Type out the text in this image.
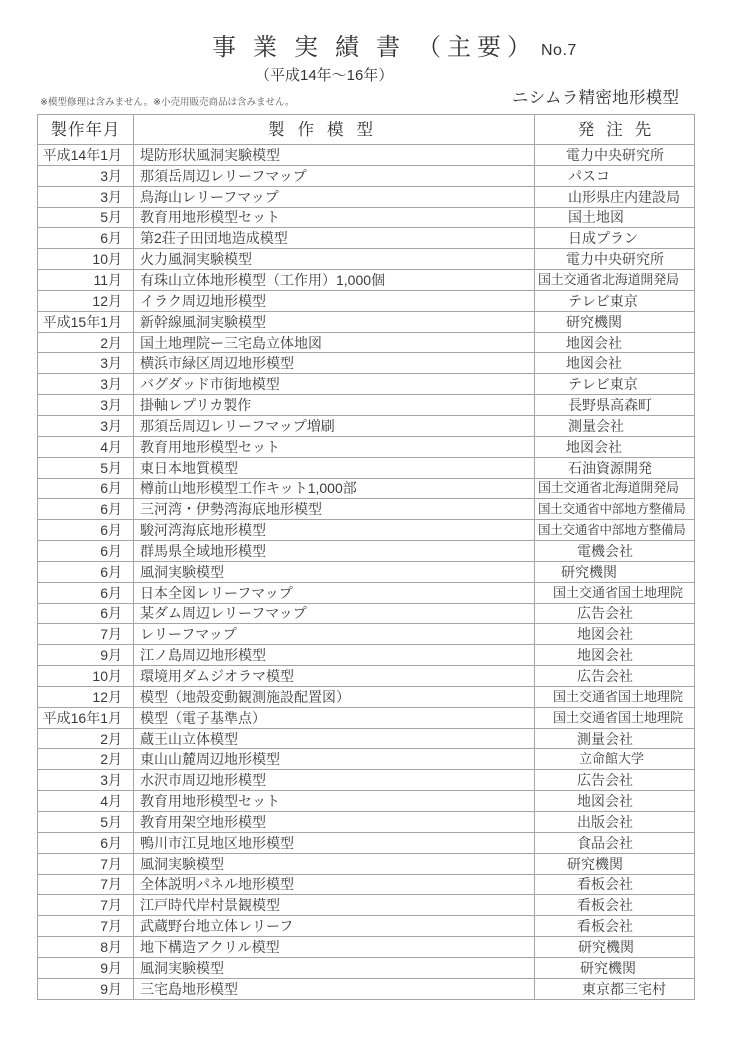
事業実績書（主要） No.7
（平成14年～16年）
※模型修理は含みません。※小売用販売商品は含みません。	ニシムラ精密地形模型
製作年月	製作模型	発注先
平成14年1月	堤防形状風洞実験模型	電力中央研究所
3月	那須岳周辺レリーフマップ	パスコ
3月	鳥海山レリーフマップ	山形県庄内建設局
5月	教育用地形模型セット	国土地図
6月	第2荘子田団地造成模型	日成プラン
10月	火力風洞実験模型	電力中央研究所
11月	有珠山立体地形模型（工作用）1,000個	国土交通省北海道開発局
12月	イラク周辺地形模型	テレビ東京
平成15年1月	新幹線風洞実験模型	研究機関
2月	国土地理院ー三宅島立体地図	地図会社
3月	横浜市緑区周辺地形模型	地図会社
3月	バグダッド市街地模型	テレビ東京
3月	掛軸レプリカ製作	長野県高森町
3月	那須岳周辺レリーフマップ増刷	測量会社
4月	教育用地形模型セット	地図会社
5月	東日本地質模型	石油資源開発
6月	樽前山地形模型工作キット1,000部	国土交通省北海道開発局
6月	三河湾・伊勢湾海底地形模型	国土交通省中部地方整備局
6月	駿河湾海底地形模型	国土交通省中部地方整備局
6月	群馬県全域地形模型	電機会社
6月	風洞実験模型	研究機関
6月	日本全図レリーフマップ	国土交通省国土地理院
6月	某ダム周辺レリーフマップ	広告会社
7月	レリーフマップ	地図会社
9月	江ノ島周辺地形模型	地図会社
10月	環境用ダムジオラマ模型	広告会社
12月	模型（地殻変動観測施設配置図）	国土交通省国土地理院
平成16年1月	模型（電子基準点）	国土交通省国土地理院
2月	蔵王山立体模型	測量会社
2月	東山山麓周辺地形模型	立命館大学
3月	水沢市周辺地形模型	広告会社
4月	教育用地形模型セット	地図会社
5月	教育用架空地形模型	出版会社
6月	鴨川市江見地区地形模型	食品会社
7月	風洞実験模型	研究機関
7月	全体説明パネル地形模型	看板会社
7月	江戸時代岸村景観模型	看板会社
7月	武蔵野台地立体レリーフ	看板会社
8月	地下構造アクリル模型	研究機関
9月	風洞実験模型	研究機関
9月	三宅島地形模型	東京都三宅村
